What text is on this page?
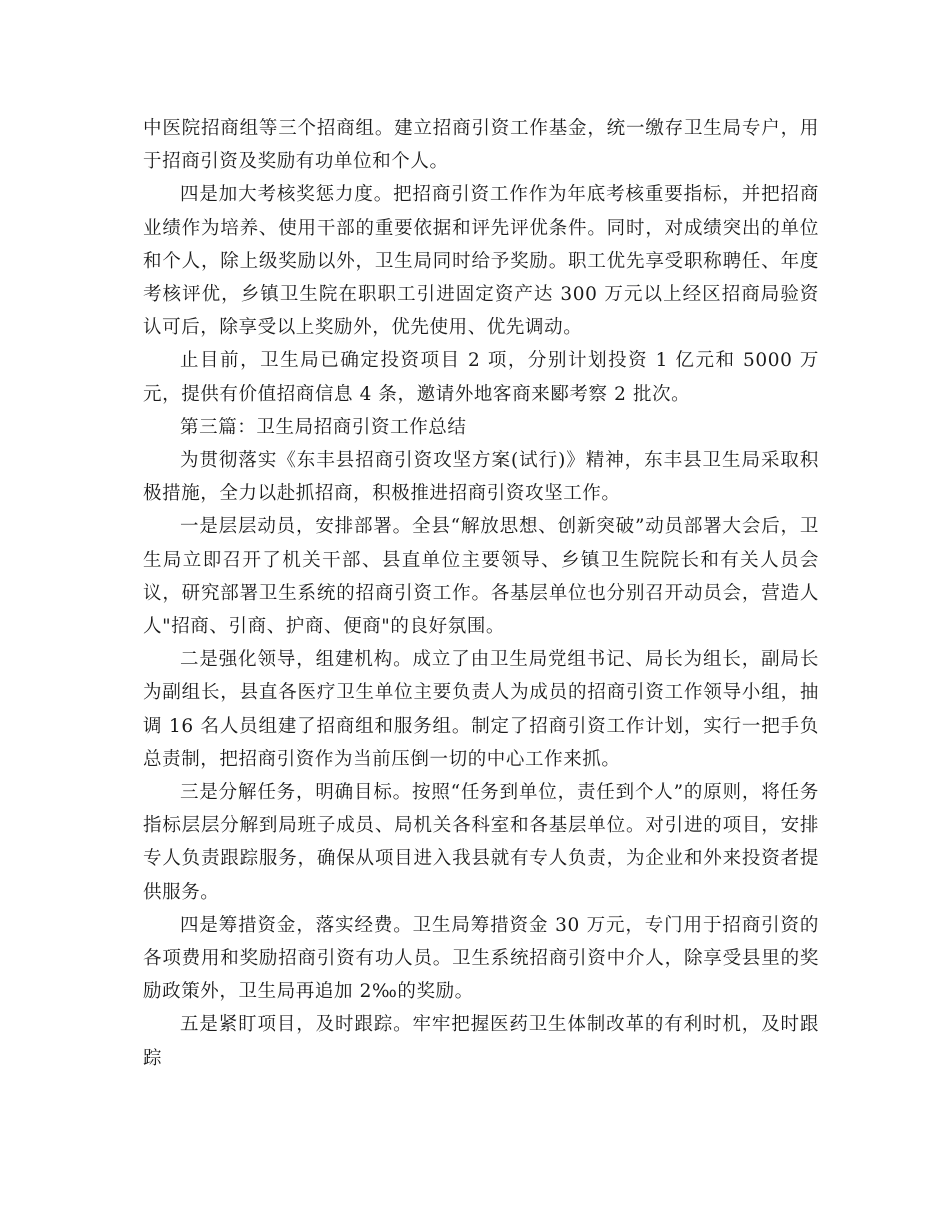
中医院招商组等三个招商组。建立招商引资工作基金，统一缴存卫生局专户，用于招商引资及奖励有功单位和个人。

四是加大考核奖惩力度。把招商引资工作作为年底考核重要指标，并把招商业绩作为培养、使用干部的重要依据和评先评优条件。同时，对成绩突出的单位和个人，除上级奖励以外，卫生局同时给予奖励。职工优先享受职称聘任、年度考核评优，乡镇卫生院在职职工引进固定资产达 300 万元以上经区招商局验资认可后，除享受以上奖励外，优先使用、优先调动。

止目前，卫生局已确定投资项目 2 项，分别计划投资 1 亿元和 5000 万元，提供有价值招商信息 4 条，邀请外地客商来郾考察 2 批次。

第三篇：卫生局招商引资工作总结

为贯彻落实《东丰县招商引资攻坚方案(试行)》精神，东丰县卫生局采取积极措施，全力以赴抓招商，积极推进招商引资攻坚工作。

一是层层动员，安排部署。全县“解放思想、创新突破”动员部署大会后，卫生局立即召开了机关干部、县直单位主要领导、乡镇卫生院院长和有关人员会议，研究部署卫生系统的招商引资工作。各基层单位也分别召开动员会，营造人人"招商、引商、护商、便商"的良好氛围。

二是强化领导，组建机构。成立了由卫生局党组书记、局长为组长，副局长为副组长，县直各医疗卫生单位主要负责人为成员的招商引资工作领导小组，抽调 16 名人员组建了招商组和服务组。制定了招商引资工作计划，实行一把手负总责制，把招商引资作为当前压倒一切的中心工作来抓。

三是分解任务，明确目标。按照“任务到单位，责任到个人”的原则，将任务指标层层分解到局班子成员、局机关各科室和各基层单位。对引进的项目，安排专人负责跟踪服务，确保从项目进入我县就有专人负责，为企业和外来投资者提供服务。

四是筹措资金，落实经费。卫生局筹措资金 30 万元，专门用于招商引资的各项费用和奖励招商引资有功人员。卫生系统招商引资中介人，除享受县里的奖励政策外，卫生局再追加 2‰的奖励。

五是紧盯项目，及时跟踪。牢牢把握医药卫生体制改革的有利时机，及时跟踪
